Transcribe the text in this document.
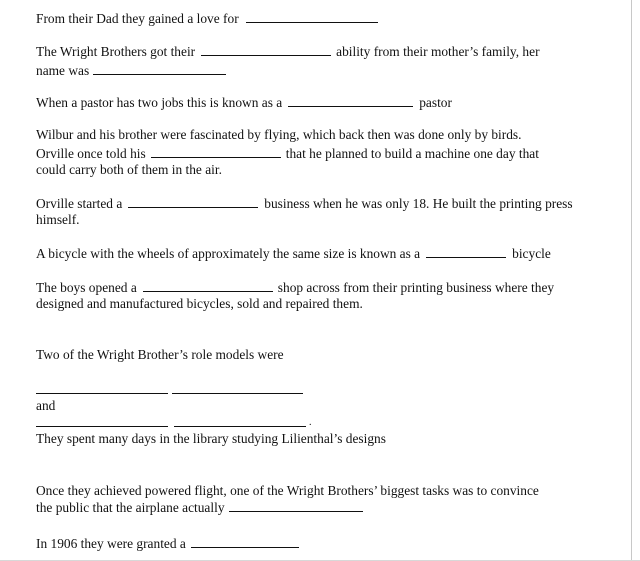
From their Dad they gained a love for

The Wright Brothers got their	ability from their mother’s family, her

name was

When a pastor has two jobs this is known as a	pastor

Wilbur and his brother were fascinated by flying, which back then was done only by birds.

Orville once told his	that he planned to build a machine one day that

could carry both of them in the air.

Orville started a	business when he was only 18. He built the printing press

himself.

A bicycle with the wheels of approximately the same size is known as a	bicycle

The boys opened a	shop across from their printing business where they

designed and manufactured bicycles, sold and repaired them.

Two of the Wright Brother’s role models were

and

.

They spent many days in the library studying Lilienthal’s designs

Once they achieved powered flight, one of the Wright Brothers’ biggest tasks was to convince

the public that the airplane actually

In 1906 they were granted a
